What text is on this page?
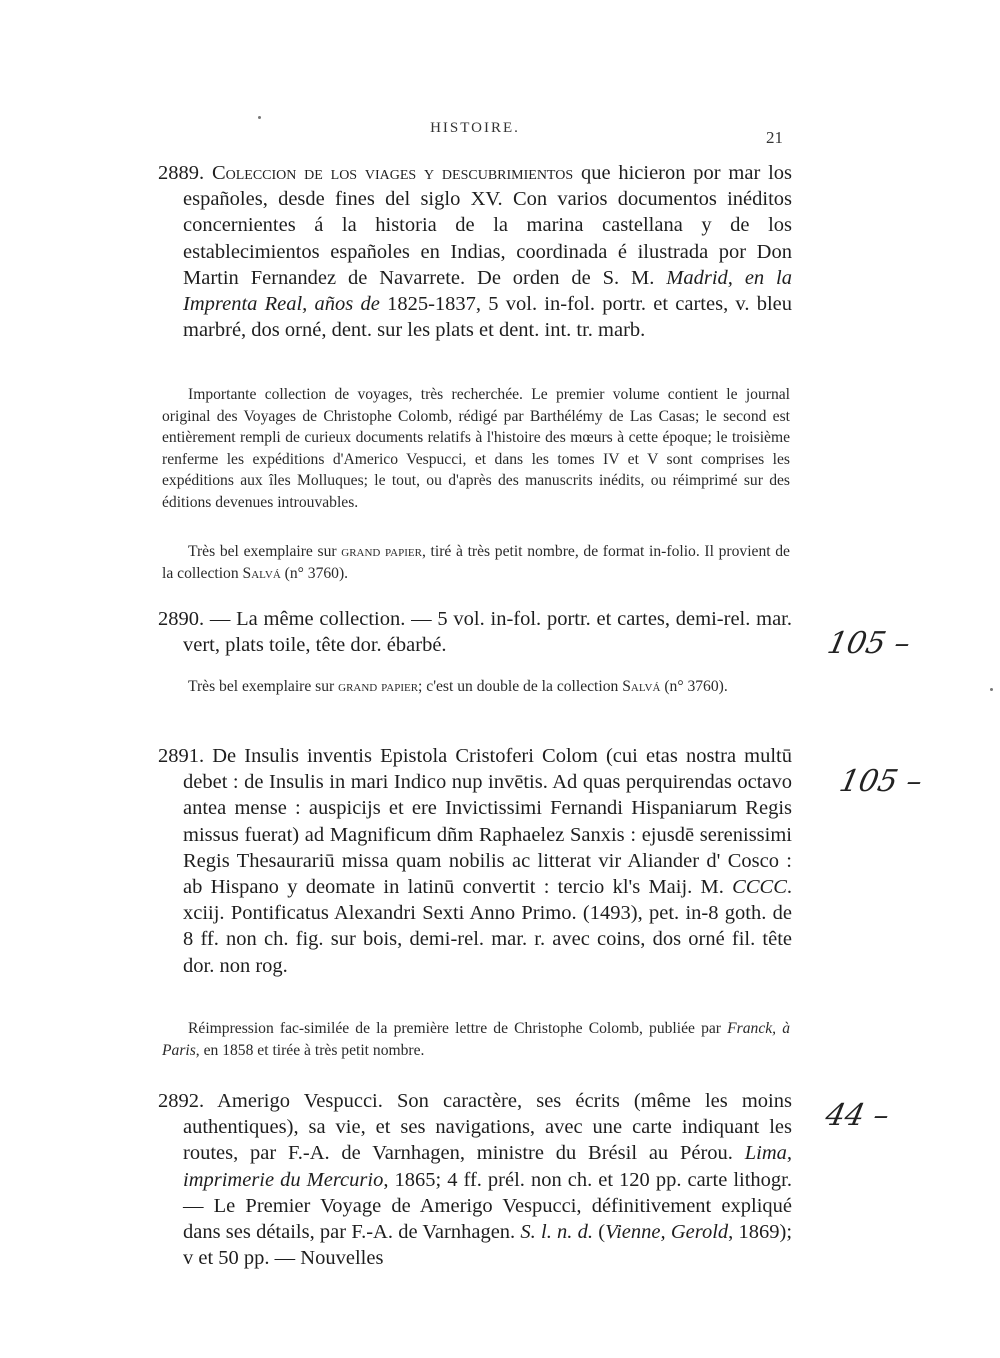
HISTOIRE.	21
2889. Coleccion de los viages y descubrimientos que hicieron por mar los españoles, desde fines del siglo XV. Con varios documentos inéditos concernientes á la historia de la marina castellana y de los establecimientos españoles en Indias, coordinada é ilustrada por Don Martin Fernandez de Navarrete. De orden de S. M. Madrid, en la Imprenta Real, años de 1825-1837, 5 vol. in-fol. portr. et cartes, v. bleu marbré, dos orné, dent. sur les plats et dent. int. tr. marb.
Importante collection de voyages, très recherchée. Le premier volume contient le journal original des Voyages de Christophe Colomb, rédigé par Barthélémy de Las Casas; le second est entièrement rempli de curieux documents relatifs à l'histoire des mœurs à cette époque; le troisième renferme les expéditions d'Americo Vespucci, et dans les tomes IV et V sont comprises les expéditions aux îles Molluques; le tout, ou d'après des manuscrits inédits, ou réimprimé sur des éditions devenues introuvables.
Très bel exemplaire sur grand papier, tiré à très petit nombre, de format in-folio. Il provient de la collection Salvá (n° 3760).
2890. — La même collection. — 5 vol. in-fol. portr. et cartes, demi-rel. mar. vert, plats toile, tête dor. ébarbé.
Très bel exemplaire sur grand papier; c'est un double de la collection Salvá (n° 3760).
105 –
2891. De Insulis inventis Epistola Cristoferi Colom (cui etas nostra multū debet : de Insulis in mari Indico nup invētis. Ad quas perquirendas octavo antea mense : auspicijs et ere Invictissimi Fernandi Hispaniarum Regis missus fuerat) ad Magnificum dñm Raphaelez Sanxis : ejusdē serenissimi Regis Thesaurariū missa quam nobilis ac litterat vir Aliander d' Cosco : ab Hispano y deomate in latinū convertit : tercio kl's Maij. M. CCCC. xciij. Pontificatus Alexandri Sexti Anno Primo. (1493), pet. in-8 goth. de 8 ff. non ch. fig. sur bois, demi-rel. mar. r. avec coins, dos orné fil. tête dor. non rog.
Réimpression fac-similée de la première lettre de Christophe Colomb, publiée par Franck, à Paris, en 1858 et tirée à très petit nombre.
105 –
2892. Amerigo Vespucci. Son caractère, ses écrits (même les moins authentiques), sa vie, et ses navigations, avec une carte indiquant les routes, par F.-A. de Varnhagen, ministre du Brésil au Pérou. Lima, imprimerie du Mercurio, 1865; 4 ff. prél. non ch. et 120 pp. carte lithogr. — Le Premier Voyage de Amerigo Vespucci, définitivement expliqué dans ses détails, par F.-A. de Varnhagen. S. l. n. d. (Vienne, Gerold, 1869); v et 50 pp. — Nouvelles
44 –
